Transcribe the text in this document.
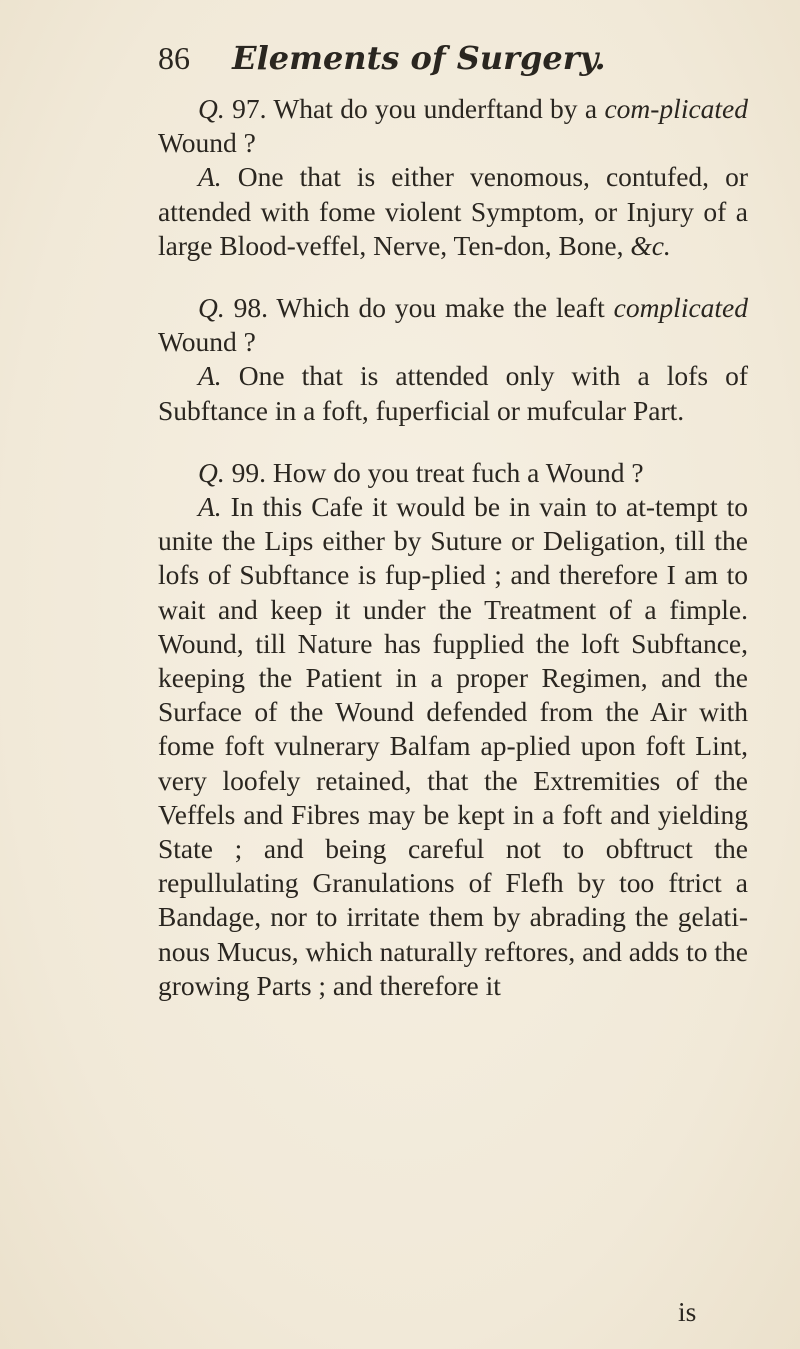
86 Elements of Surgery.

Q. 97. What do you underftand by a com-plicated Wound ?

A. One that is either venomous, contufed, or attended with fome violent Symptom, or Injury of a large Blood-veffel, Nerve, Ten-don, Bone, &c.

Q. 98. Which do you make the leaft complicated Wound ?

A. One that is attended only with a lofs of Subftance in a foft, fuperficial or mufcular Part.

Q. 99. How do you treat fuch a Wound ?

A. In this Cafe it would be in vain to at-tempt to unite the Lips either by Suture or Deligation, till the lofs of Subftance is fup-plied ; and therefore I am to wait and keep it under the Treatment of a fimple. Wound, till Nature has fupplied the loft Subftance, keeping the Patient in a proper Regimen, and the Surface of the Wound defended from the Air with fome foft vulnerary Balfam ap-plied upon foft Lint, very loofely retained, that the Extremities of the Veffels and Fibres may be kept in a foft and yielding State ; and being careful not to obftruct the repullulating Granulations of Flefh by too ftrict a Bandage, nor to irritate them by abrading the gelati-nous Mucus, which naturally reftores, and adds to the growing Parts ; and therefore it

is
